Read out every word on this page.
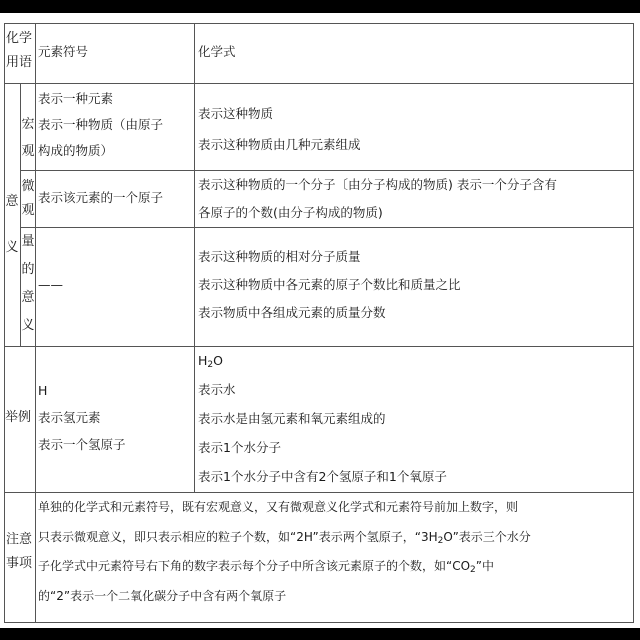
化学
用语
元素符号	化学式
意义
宏
观
表示一种元素
表示一种物质（由原子
构成的物质）
表示这种物质
表示这种物质由几种元素组成
微
观
表示该元素的一个原子
表示这种物质的一个分子〔由分子构成的物质) 表示一个分子含有
各原子的个数(由分子构成的物质)
量
的
意
义
——
表示这种物质的相对分子质量
表示这种物质中各元素的原子个数比和质量之比
表示物质中各组成元素的质量分数
举例
H
表示氢元素
表示一个氢原子
$H_2O$
表示水
表示水是由氢元素和氧元素组成的
表示1个水分子
表示1个水分子中含有2个氢原子和1个氧原子
注意
事项
单独的化学式和元素符号，既有宏观意义，又有微观意义化学式和元素符号前加上数字，则
只表示微观意义，即只表示相应的粒子个数，如“2H”表示两个氢原子，“$3H_2O$”表示三个水分
子化学式中元素符号右下角的数字表示每个分子中所含该元素原子的个数，如“$CO_2$”中
的“2”表示一个二氧化碳分子中含有两个氧原子
